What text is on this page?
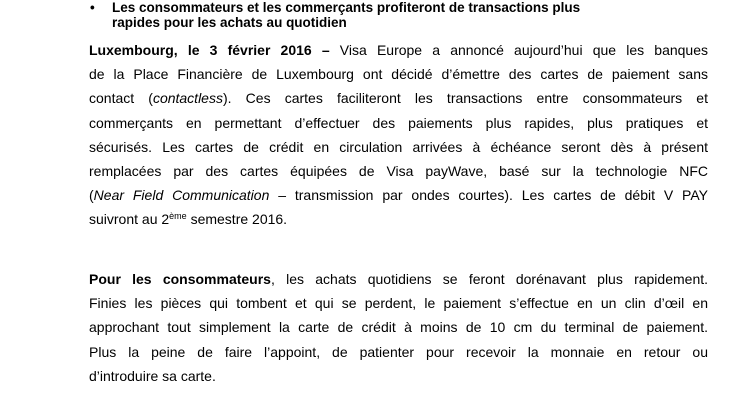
•	Les consommateurs et les commerçants profiteront de transactions plus
rapides pour les achats au quotidien
Luxembourg, le 3 février 2016 – Visa Europe a annoncé aujourd’hui que les banques
de la Place Financière de Luxembourg ont décidé d’émettre des cartes de paiement sans
contact (contactless). Ces cartes faciliteront les transactions entre consommateurs et
commerçants en permettant d’effectuer des paiements plus rapides, plus pratiques et
sécurisés. Les cartes de crédit en circulation arrivées à échéance seront dès à présent
remplacées par des cartes équipées de Visa payWave, basé sur la technologie NFC
(Near Field Communication – transmission par ondes courtes). Les cartes de débit V PAY
suivront au 2ème semestre 2016.
Pour les consommateurs, les achats quotidiens se feront dorénavant plus rapidement.
Finies les pièces qui tombent et qui se perdent, le paiement s’effectue en un clin d’œil en
approchant tout simplement la carte de crédit à moins de 10 cm du terminal de paiement.
Plus la peine de faire l’appoint, de patienter pour recevoir la monnaie en retour ou
d’introduire sa carte.
